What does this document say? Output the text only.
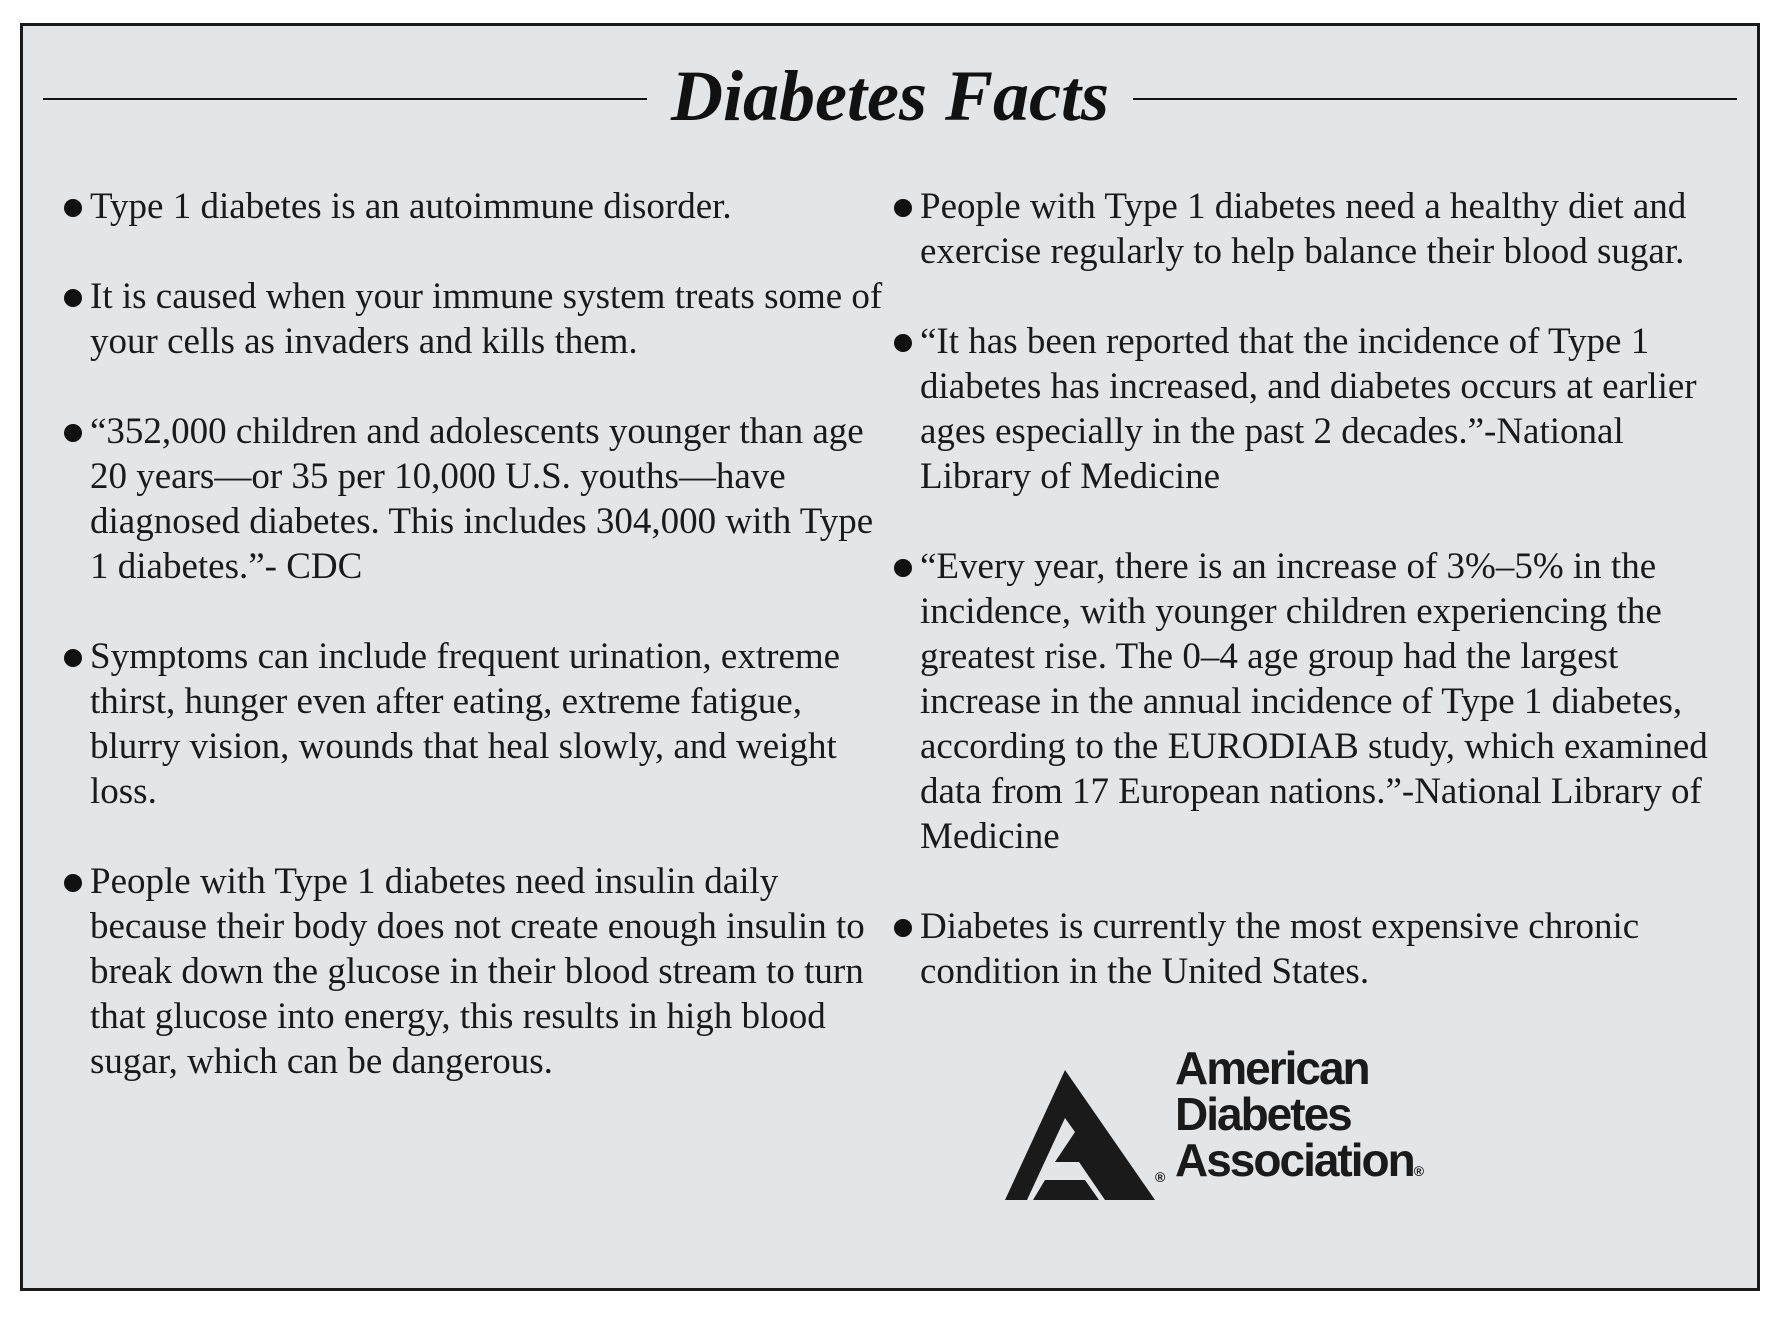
Diabetes Facts
Type 1 diabetes is an autoimmune disorder.
It is caused when your immune system treats some of your cells as invaders and kills them.
“352,000 children and adolescents younger than age 20 years—or 35 per 10,000 U.S. youths—have diagnosed diabetes. This includes 304,000 with Type 1 diabetes.”- CDC
Symptoms can include frequent urination, extreme thirst, hunger even after eating, extreme fatigue, blurry vision, wounds that heal slowly, and weight loss.
People with Type 1 diabetes need insulin daily because their body does not create enough insulin to break down the glucose in their blood stream to turn that glucose into energy, this results in high blood sugar, which can be dangerous.
People with Type 1 diabetes need a healthy diet and exercise regularly to help balance their blood sugar.
“It has been reported that the incidence of Type 1 diabetes has increased, and diabetes occurs at earlier ages especially in the past 2 decades.”-National Library of Medicine
“Every year, there is an increase of 3%–5% in the incidence, with younger children experiencing the greatest rise. The 0–4 age group had the largest increase in the annual incidence of Type 1 diabetes, according to the EURODIAB study, which examined data from 17 European nations.”-National Library of Medicine
Diabetes is currently the most expensive chronic condition in the United States.
®
American
Diabetes
Association®
